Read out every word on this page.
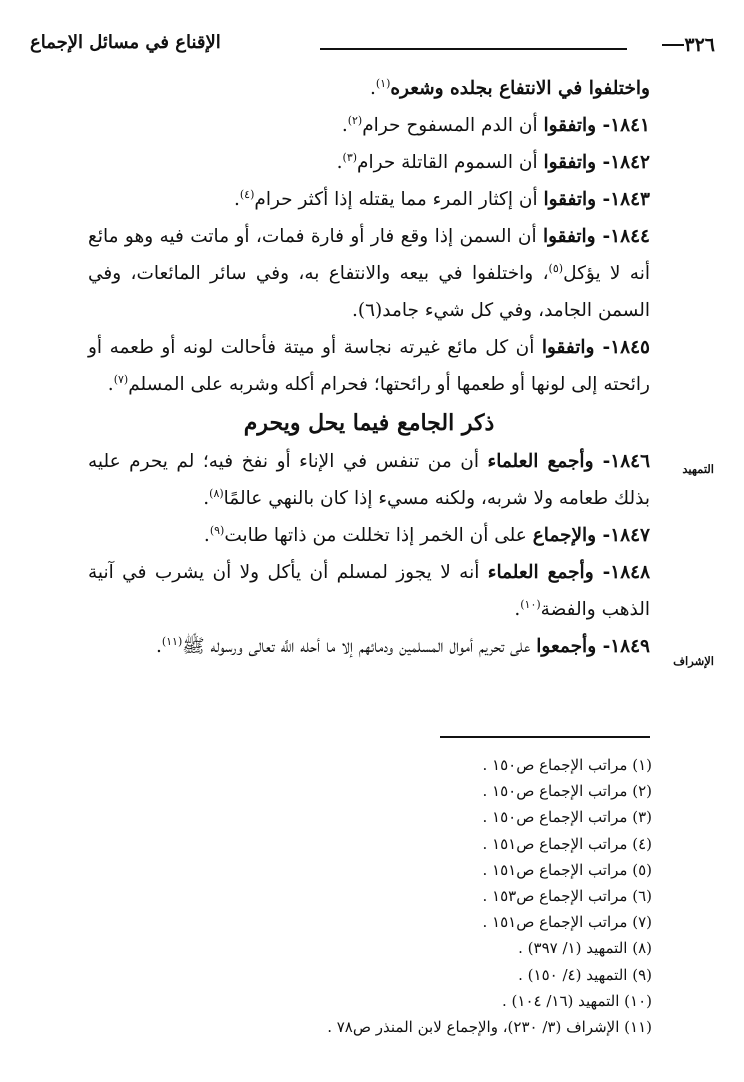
٣٢٦
الإقناع في مسائل الإجماع

واختلفوا في الانتفاع بجلده وشعره$^{(١)}$.

١٨٤١- واتفقوا أن الدم المسفوح حرام$^{(٢)}$.

١٨٤٢- واتفقوا أن السموم القاتلة حرام$^{(٣)}$.

١٨٤٣- واتفقوا أن إكثار المرء مما يقتله إذا أكثر حرام$^{(٤)}$.

١٨٤٤- واتفقوا أن السمن إذا وقع فار أو فارة فمات، أو ماتت فيه وهو مائع أنه لا يؤكل$^{(٥)}$، واختلفوا في بيعه والانتفاع به، وفي سائر المائعات، وفي السمن الجامد، وفي كل شيء جامد(٦).

١٨٤٥- واتفقوا أن كل مائع غيرته نجاسة أو ميتة فأحالت لونه أو طعمه أو رائحته إلى لونها أو طعمها أو رائحتها؛ فحرام أكله وشربه على المسلم$^{(٧)}$.

ذكر الجامع فيما يحل ويحرم

١٨٤٦- وأجمع العلماء أن من تنفس في الإناء أو نفخ فيه؛ لم يحرم عليه بذلك طعامه ولا شربه، ولكنه مسيء إذا كان بالنهي عالمًا$^{(٨)}$.

١٨٤٧- والإجماع على أن الخمر إذا تخللت من ذاتها طابت$^{(٩)}$.

١٨٤٨- وأجمع العلماء أنه لا يجوز لمسلم أن يأكل ولا أن يشرب في آنية الذهب والفضة$^{(١٠)}$.

١٨٤٩- وأجمعوا على تحريم أموال المسلمين ودمائهم إلا ما أحله اللَّه تعالى ورسوله ﷺ$^{(١١)}$.

التمهيد
الإشراف

(١) مراتب الإجماع ص١٥٠ .

(٢) مراتب الإجماع ص١٥٠ .

(٣) مراتب الإجماع ص١٥٠ .

(٤) مراتب الإجماع ص١٥١ .

(٥) مراتب الإجماع ص١٥١ .

(٦) مراتب الإجماع ص١٥٣ .

(٧) مراتب الإجماع ص١٥١ .

(٨) التمهيد (١/ ٣٩٧) .

(٩) التمهيد (٤/ ١٥٠) .

(١٠) التمهيد (١٦/ ١٠٤) .

(١١) الإشراف (٣/ ٢٣٠)، والإجماع لابن المنذر ص٧٨ .
